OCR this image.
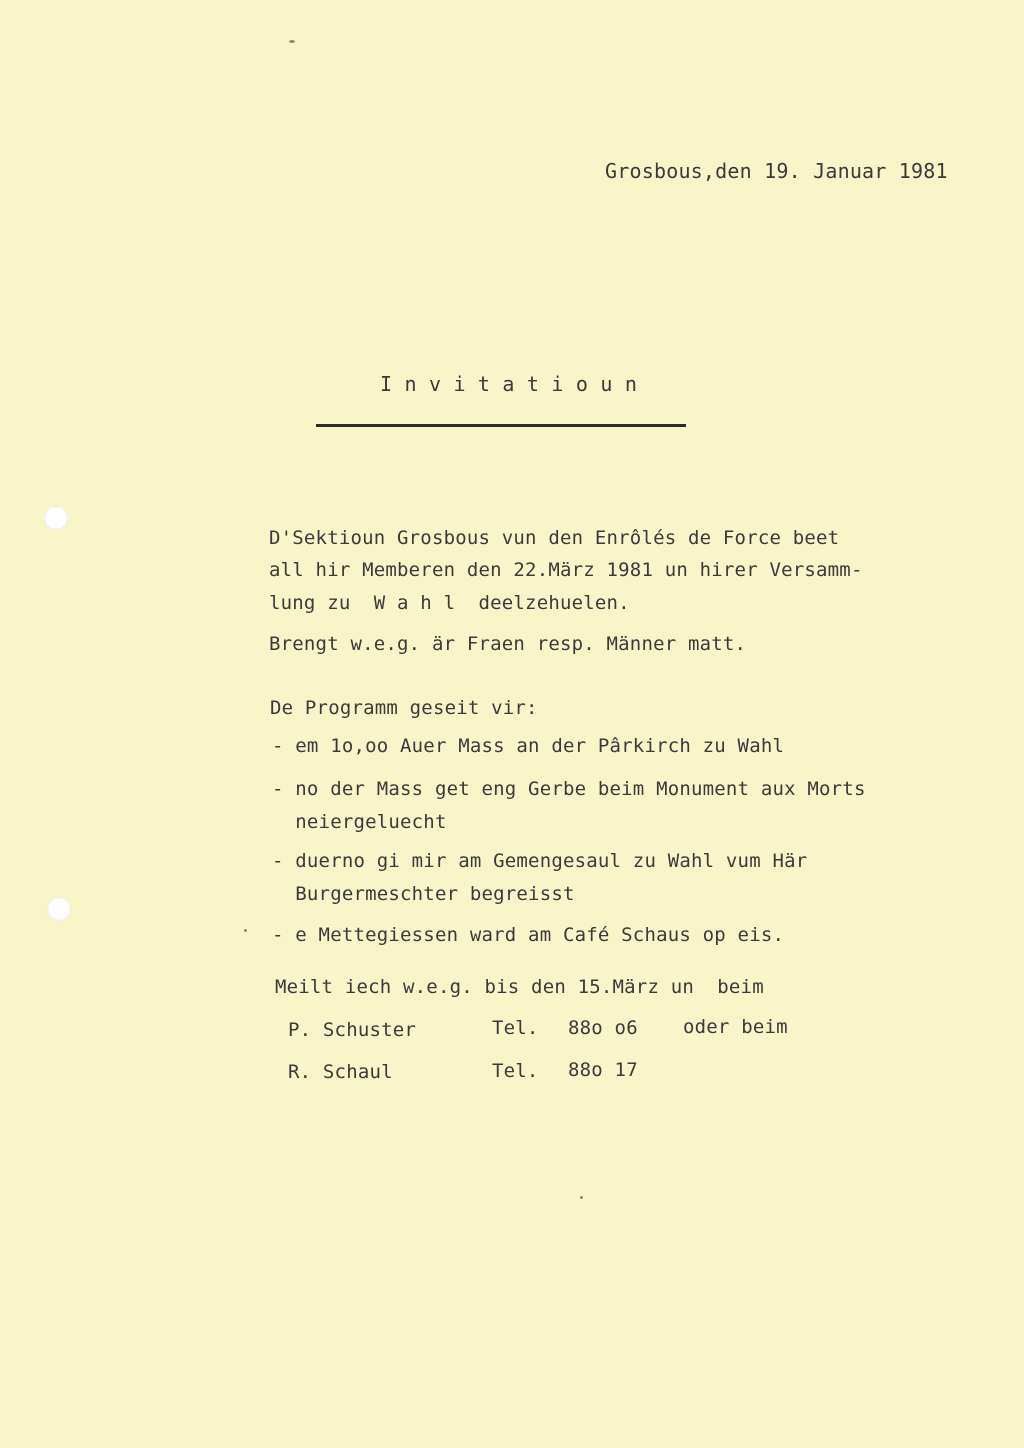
Grosbous,den 19. Januar 1981
I n v i t a t i o u n
D'Sektioun Grosbous vun den Enrôlés de Force beet
all hir Memberen den 22.März 1981 un hirer Versamm-
lung zu  W a h l  deelzehuelen.
Brengt w.e.g. är Fraen resp. Männer matt.
De Programm geseit vir:
- em 1o,oo Auer Mass an der Pârkirch zu Wahl
- no der Mass get eng Gerbe beim Monument aux Morts
neiergeluecht
- duerno gi mir am Gemengesaul zu Wahl vum Här
Burgermeschter begreisst
- e Mettegiessen ward am Café Schaus op eis.
Meilt iech w.e.g. bis den 15.März un  beim
P. Schuster	Tel. 88o o6 oder beim
R. Schaul	Tel. 88o 17
